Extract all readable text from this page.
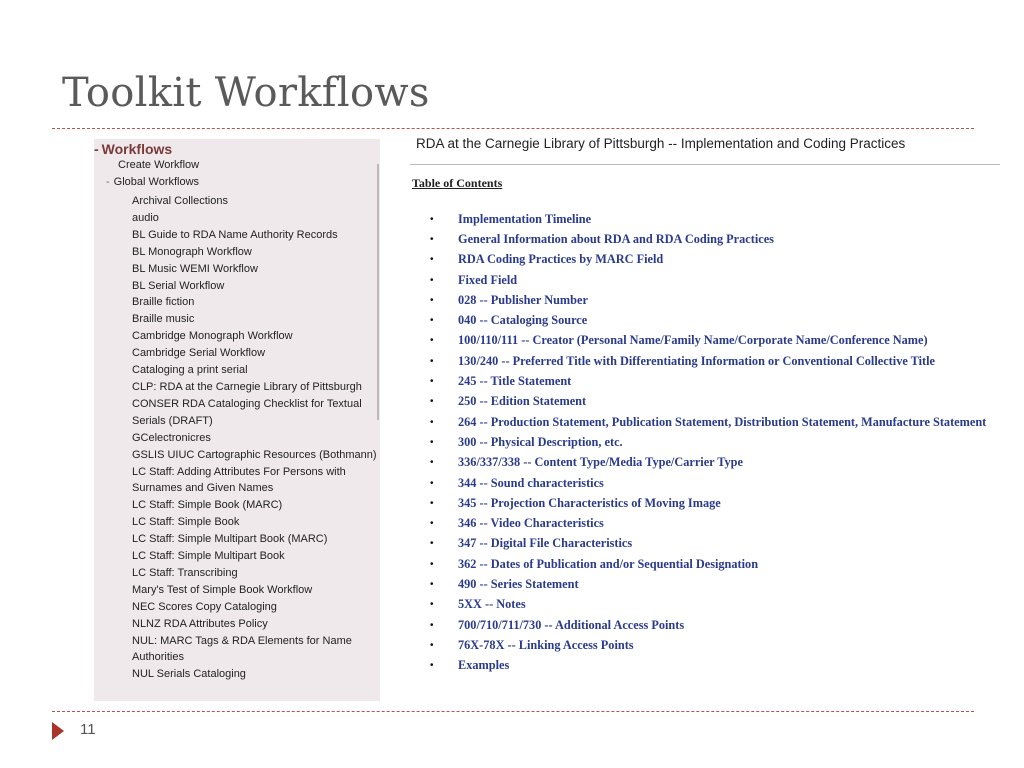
Toolkit Workflows
- Workflows
Create Workflow
- Global Workflows
Archival Collections
audio
BL Guide to RDA Name Authority Records
BL Monograph Workflow
BL Music WEMI Workflow
BL Serial Workflow
Braille fiction
Braille music
Cambridge Monograph Workflow
Cambridge Serial Workflow
Cataloging a print serial
CLP: RDA at the Carnegie Library of Pittsburgh
CONSER RDA Cataloging Checklist for Textual Serials (DRAFT)
GCelectronicres
GSLIS UIUC Cartographic Resources (Bothmann)
LC Staff: Adding Attributes For Persons with Surnames and Given Names
LC Staff: Simple Book (MARC)
LC Staff: Simple Book
LC Staff: Simple Multipart Book (MARC)
LC Staff: Simple Multipart Book
LC Staff: Transcribing
Mary's Test of Simple Book Workflow
NEC Scores Copy Cataloging
NLNZ RDA Attributes Policy
NUL: MARC Tags & RDA Elements for Name Authorities
NUL Serials Cataloging
RDA at the Carnegie Library of Pittsburgh -- Implementation and Coding Practices
Table of Contents
•	Implementation Timeline
•	General Information about RDA and RDA Coding Practices
•	RDA Coding Practices by MARC Field
•	Fixed Field
•	028 -- Publisher Number
•	040 -- Cataloging Source
•	100/110/111 -- Creator (Personal Name/Family Name/Corporate Name/Conference Name)
•	130/240 -- Preferred Title with Differentiating Information or Conventional Collective Title
•	245 -- Title Statement
•	250 -- Edition Statement
•	264 -- Production Statement, Publication Statement, Distribution Statement, Manufacture Statement
•	300 -- Physical Description, etc.
•	336/337/338 -- Content Type/Media Type/Carrier Type
•	344 -- Sound characteristics
•	345 -- Projection Characteristics of Moving Image
•	346 -- Video Characteristics
•	347 -- Digital File Characteristics
•	362 -- Dates of Publication and/or Sequential Designation
•	490 -- Series Statement
•	5XX -- Notes
•	700/710/711/730 -- Additional Access Points
•	76X-78X -- Linking Access Points
•	Examples
11
